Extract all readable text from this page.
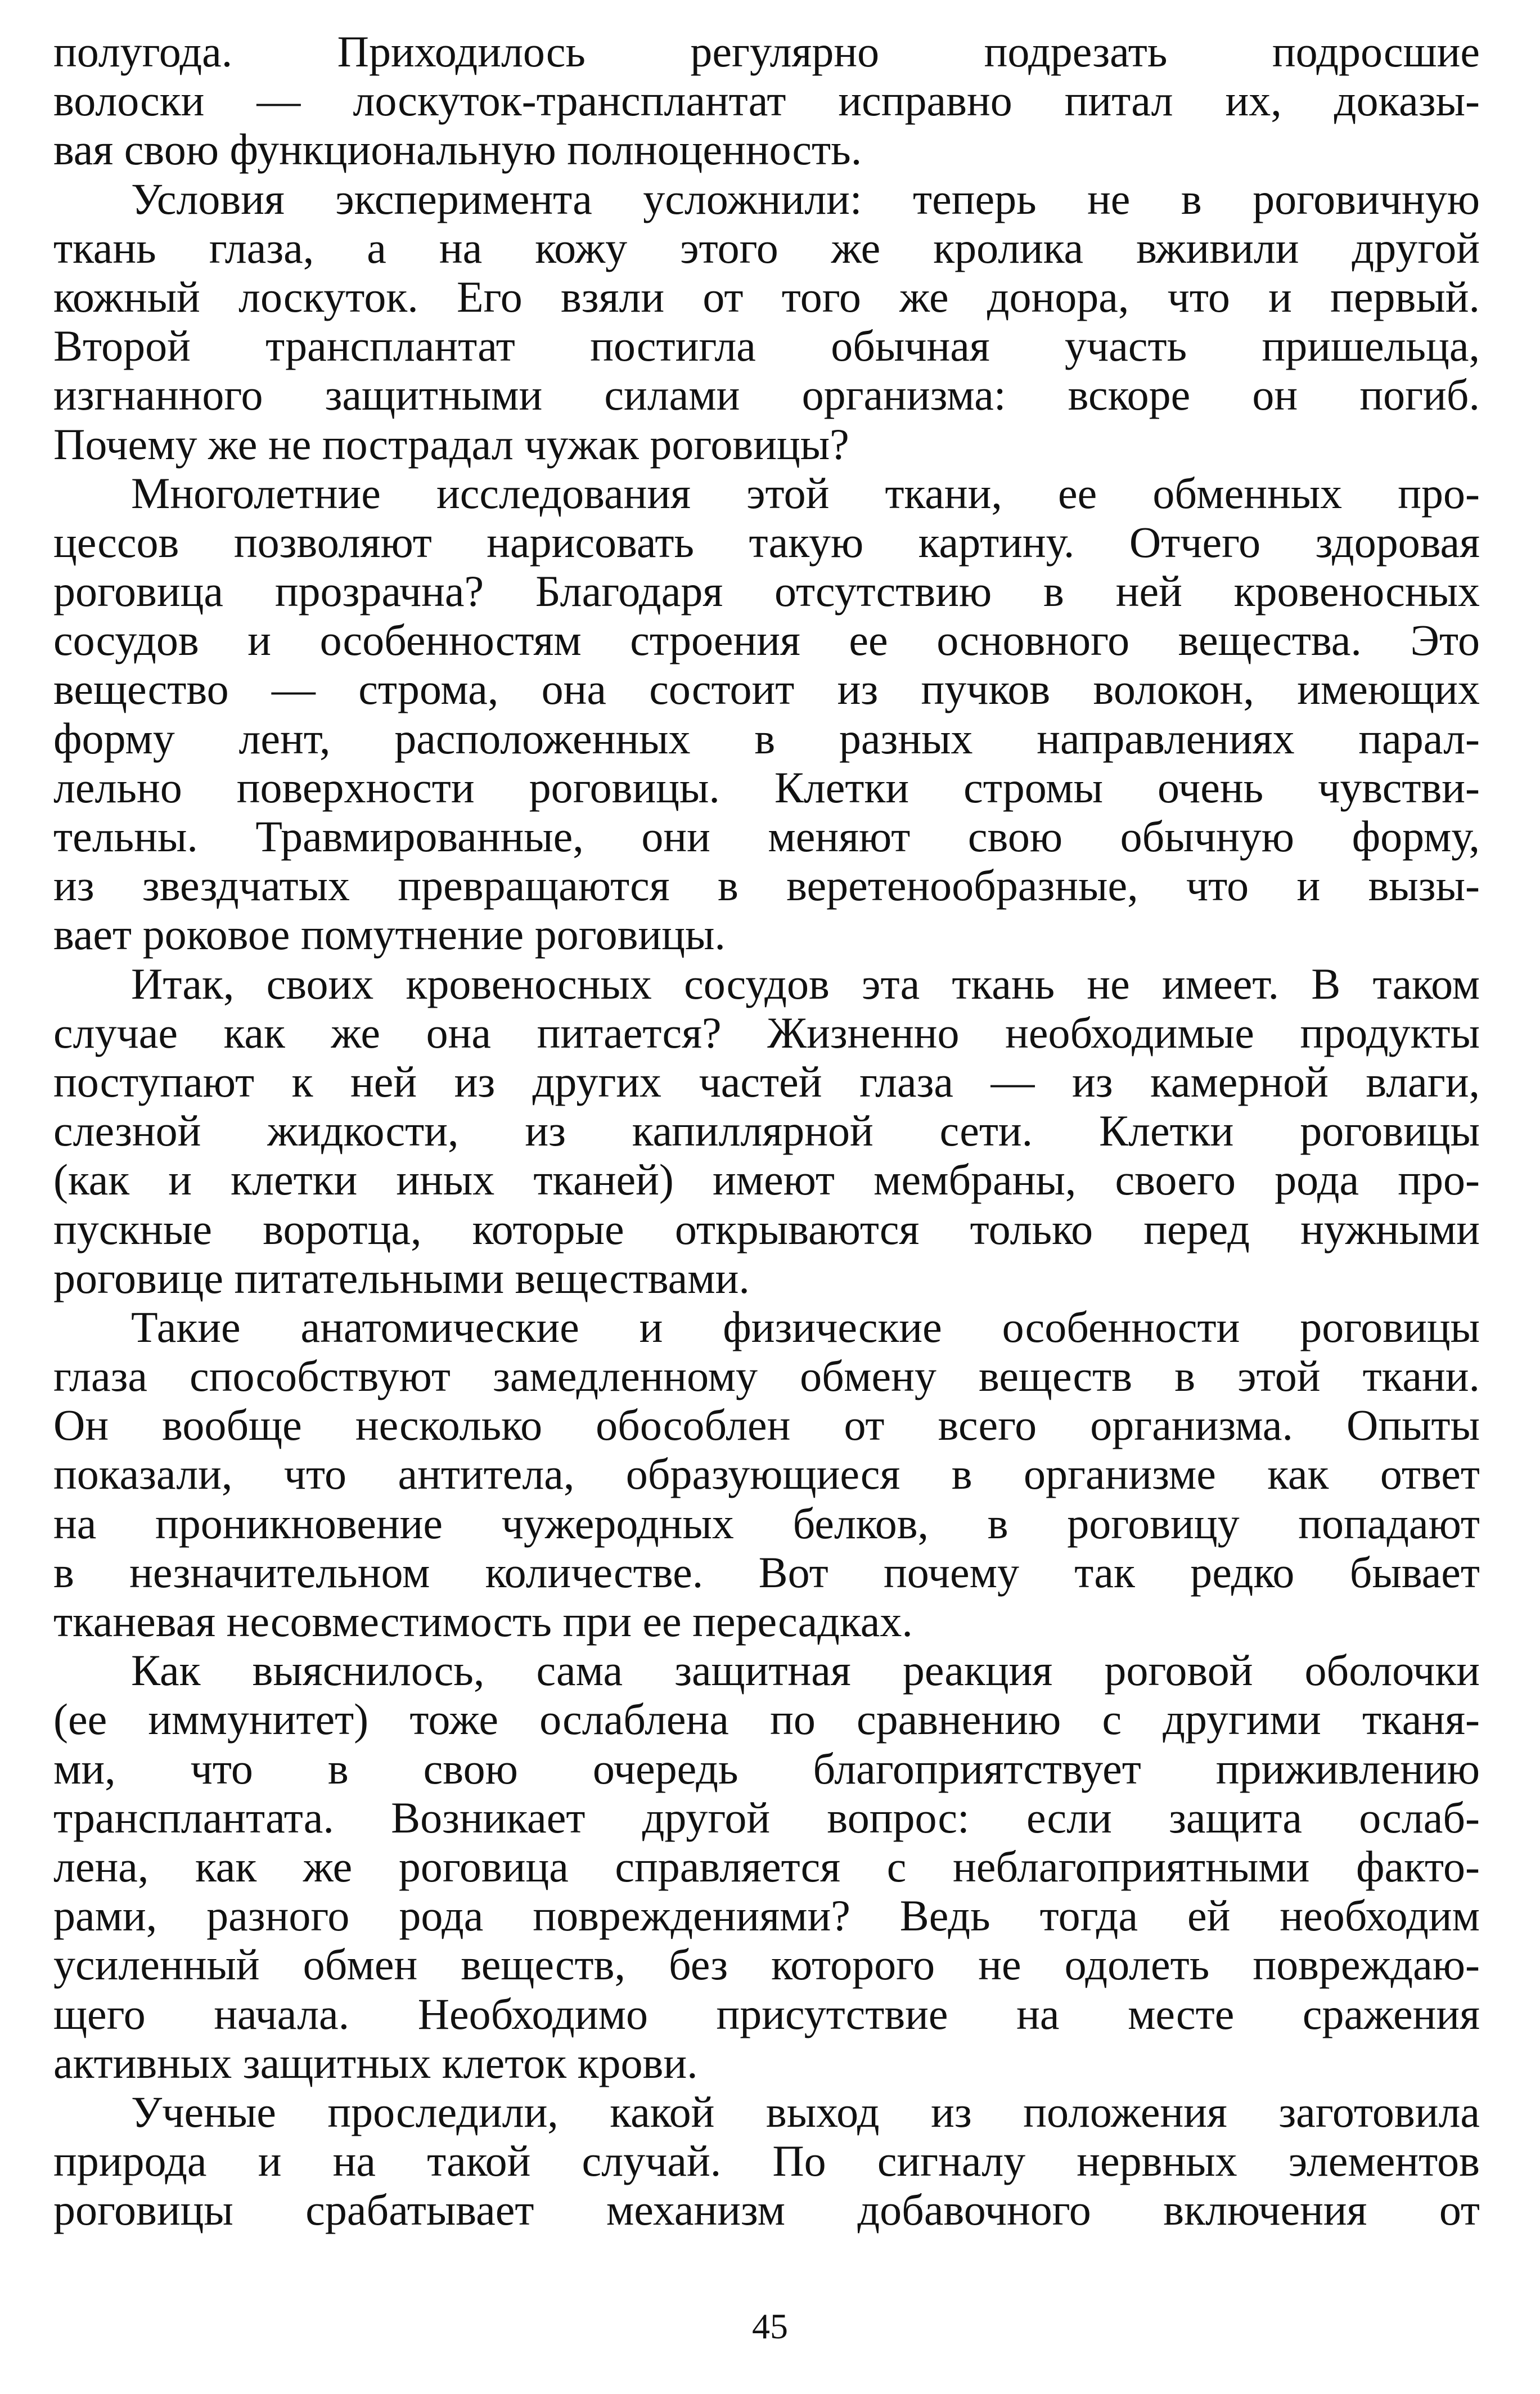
полугода. Приходилось регулярно подрезать подросшие
волоски — лоскуток-трансплантат исправно питал их, доказы-
вая свою функциональную полноценность.
Условия эксперимента усложнили: теперь не в роговичную
ткань глаза, а на кожу этого же кролика вживили другой
кожный лоскуток. Его взяли от того же донора, что и первый.
Второй трансплантат постигла обычная участь пришельца,
изгнанного защитными силами организма: вскоре он погиб.
Почему же не пострадал чужак роговицы?
Многолетние исследования этой ткани, ее обменных про-
цессов позволяют нарисовать такую картину. Отчего здоровая
роговица прозрачна? Благодаря отсутствию в ней кровеносных
сосудов и особенностям строения ее основного вещества. Это
вещество — строма, она состоит из пучков волокон, имеющих
форму лент, расположенных в разных направлениях парал-
лельно поверхности роговицы. Клетки стромы очень чувстви-
тельны. Травмированные, они меняют свою обычную форму,
из звездчатых превращаются в веретенообразные, что и вызы-
вает роковое помутнение роговицы.
Итак, своих кровеносных сосудов эта ткань не имеет. В таком
случае как же она питается? Жизненно необходимые продукты
поступают к ней из других частей глаза — из камерной влаги,
слезной жидкости, из капиллярной сети. Клетки роговицы
(как и клетки иных тканей) имеют мембраны, своего рода про-
пускные воротца, которые открываются только перед нужными
роговице питательными веществами.
Такие анатомические и физические особенности роговицы
глаза способствуют замедленному обмену веществ в этой ткани.
Он вообще несколько обособлен от всего организма. Опыты
показали, что антитела, образующиеся в организме как ответ
на проникновение чужеродных белков, в роговицу попадают
в незначительном количестве. Вот почему так редко бывает
тканевая несовместимость при ее пересадках.
Как выяснилось, сама защитная реакция роговой оболочки
(ее иммунитет) тоже ослаблена по сравнению с другими тканя-
ми, что в свою очередь благоприятствует приживлению
трансплантата. Возникает другой вопрос: если защита ослаб-
лена, как же роговица справляется с неблагоприятными факто-
рами, разного рода повреждениями? Ведь тогда ей необходим
усиленный обмен веществ, без которого не одолеть повреждаю-
щего начала. Необходимо присутствие на месте сражения
активных защитных клеток крови.
Ученые проследили, какой выход из положения заготовила
природа и на такой случай. По сигналу нервных элементов
роговицы срабатывает механизм добавочного включения от
45
